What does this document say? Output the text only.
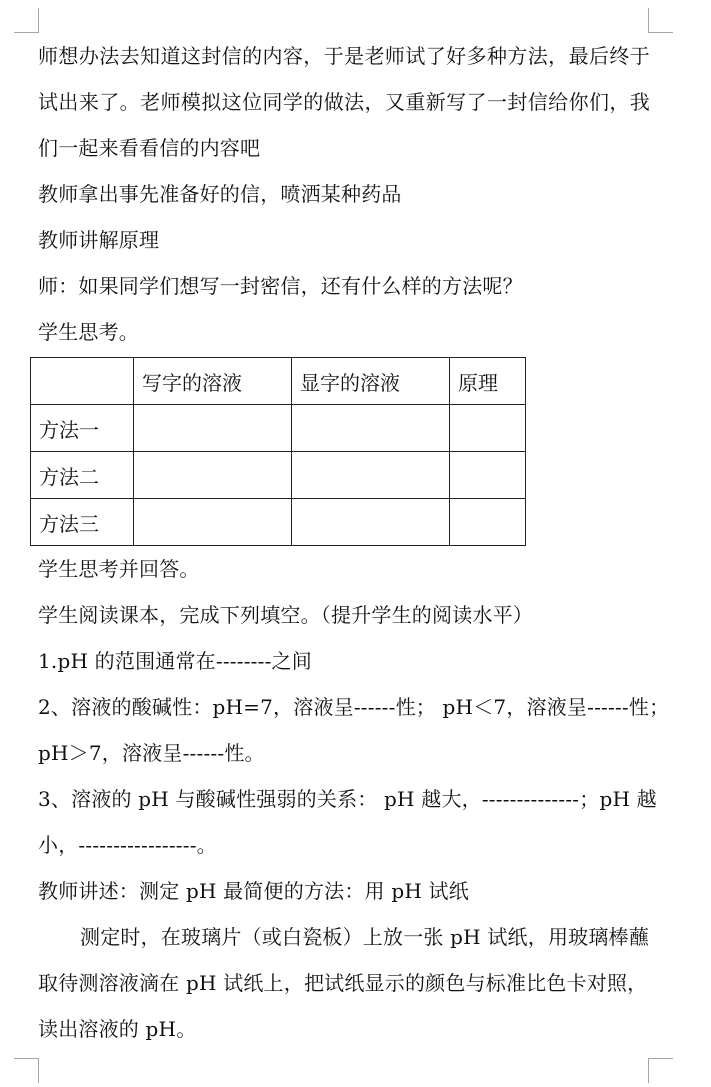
师想办法去知道这封信的内容，于是老师试了好多种方法，最后终于
试出来了。老师模拟这位同学的做法，又重新写了一封信给你们，我
们一起来看看信的内容吧
教师拿出事先准备好的信，喷洒某种药品
教师讲解原理
师：如果同学们想写一封密信，还有什么样的方法呢？
学生思考。
	写字的溶液	显字的溶液	原理
方法一			
方法二			
方法三			
学生思考并回答。
学生阅读课本，完成下列填空。（提升学生的阅读水平）
1.pH 的范围通常在--------之间
2、溶液的酸碱性：pH=7，溶液呈------性； pH＜7，溶液呈------性；
pH＞7，溶液呈------性。
3、溶液的 pH 与酸碱性强弱的关系： pH 越大，--------------；pH 越
小，-----------------。
教师讲述：测定 pH 最简便的方法：用 pH 试纸
测定时，在玻璃片（或白瓷板）上放一张 pH 试纸，用玻璃棒蘸
取待测溶液滴在 pH 试纸上，把试纸显示的颜色与标准比色卡对照，
读出溶液的 pH。
